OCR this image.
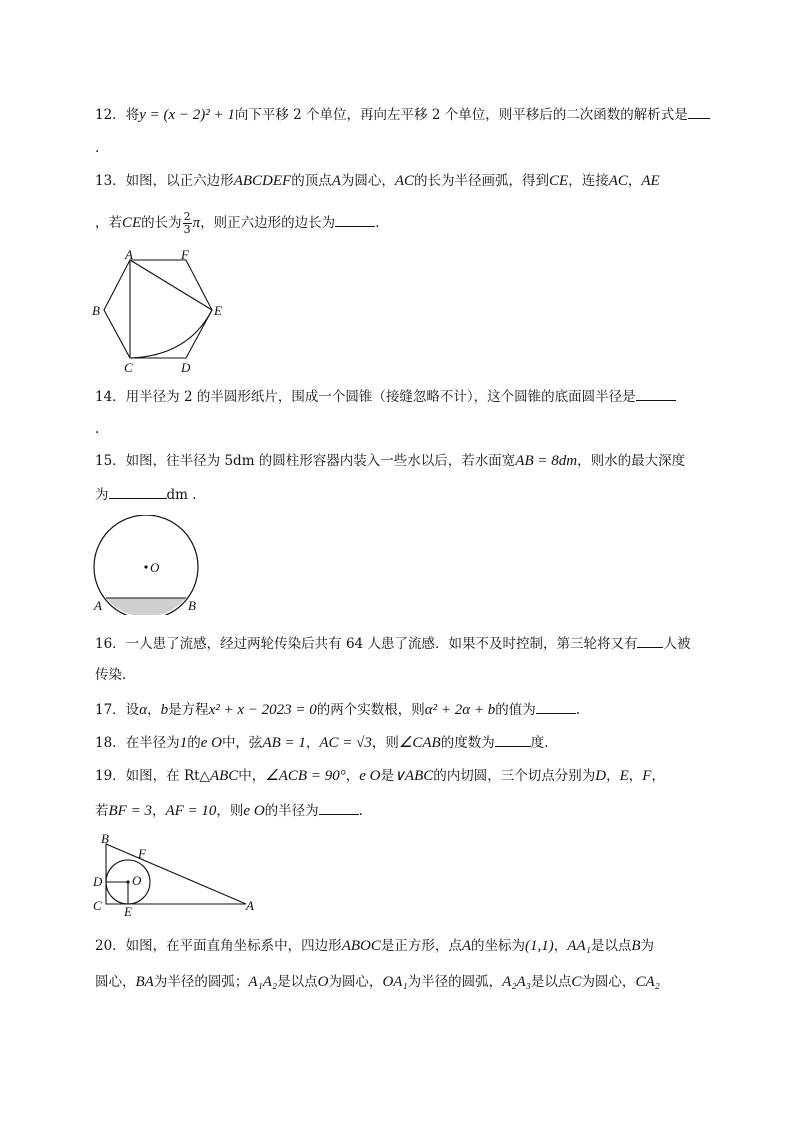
12．将y = (x − 2)² + 1向下平移 2 个单位，再向左平移 2 个单位，则平移后的二次函数的解析式是
.
13．如图，以正六边形ABCDEF的顶点A为圆心，AC的长为半径画弧，得到CE，连接AC，AE
，若CE的长为 $\frac{2}{3}$ π，则正六边形的边长为	.
A	F
B	E
C	D
14．用半径为 2 的半圆形纸片，围成一个圆锥（接缝忽略不计），这个圆锥的底面圆半径是
.
15．如图，往半径为 5dm 的圆柱形容器内装入一些水以后，若水面宽AB = 8dm，则水的最大深度
为	dm .
O
A	B
16．一人患了流感，经过两轮传染后共有 64 人患了流感．如果不及时控制，第三轮将又有 人被
传染.
17．设α，b是方程x² + x − 2023 = 0的两个实数根，则α² + 2α + b的值为	.
18．在半径为1的e O中，弦AB = 1，AC = √3，则∠CAB的度数为	度.
19．如图，在 Rt△ABC中，∠ACB = 90°，e O是∨ABC的内切圆，三个切点分别为D，E，F，
若BF = 3，AF = 10，则e O的半径为	.
B
F
D O
C E	A
20．如图，在平面直角坐标系中，四边形ABOC是正方形，点A的坐标为(1,1)，AA₁是以点B为
圆心，BA为半径的圆弧；A₁A₂是以点O为圆心，OA₁为半径的圆弧，A₂A₃是以点C为圆心，CA₂
